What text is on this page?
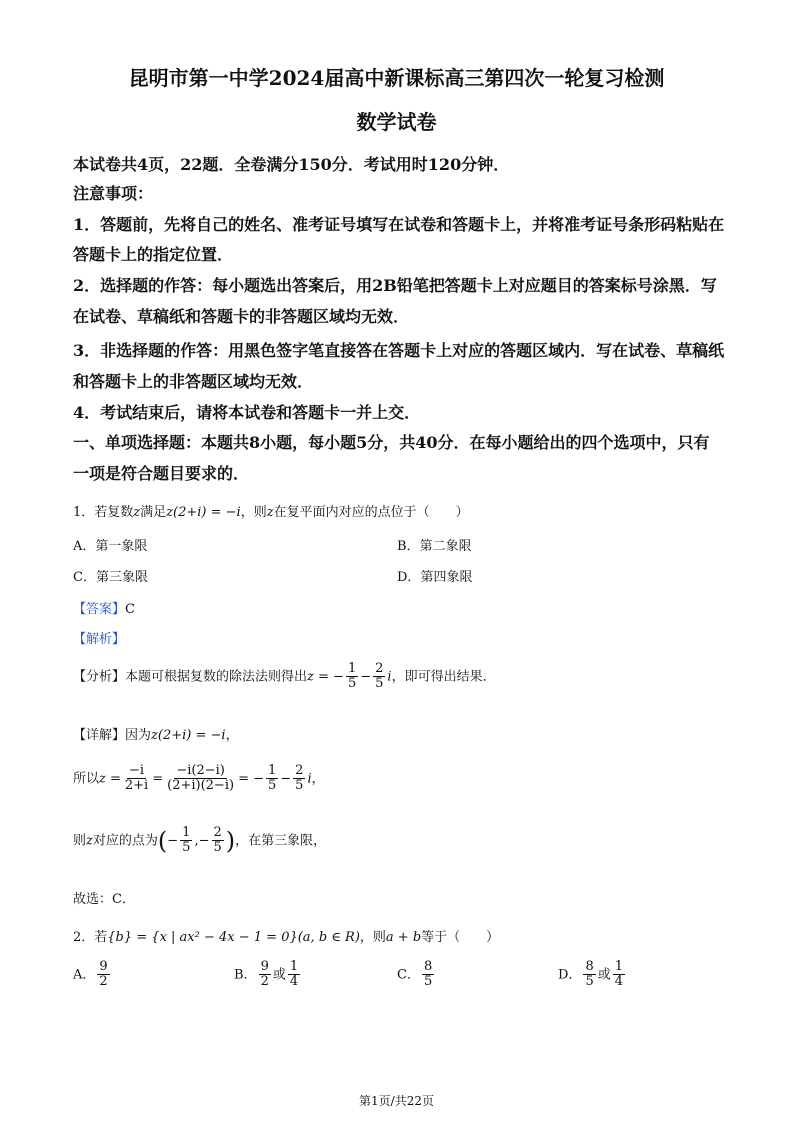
昆明市第一中学2024届高中新课标高三第四次一轮复习检测
数学试卷
本试卷共4页，22题．全卷满分150分．考试用时120分钟．
注意事项：
1．答题前，先将自己的姓名、准考证号填写在试卷和答题卡上，并将准考证号条形码粘贴在
答题卡上的指定位置．
2．选择题的作答：每小题选出答案后，用2B铅笔把答题卡上对应题目的答案标号涂黑．写
在试卷、草稿纸和答题卡的非答题区域均无效．
3．非选择题的作答：用黑色签字笔直接答在答题卡上对应的答题区域内．写在试卷、草稿纸
和答题卡上的非答题区域均无效．
4．考试结束后，请将本试卷和答题卡一并上交．
一、单项选择题：本题共8小题，每小题5分，共40分．在每小题给出的四个选项中，只有
一项是符合题目要求的．
1．若复数z满足z(2+i) = −i，则z在复平面内对应的点位于（　　）
A．第一象限	B．第二象限
C．第三象限	D．第四象限
【答案】C
【解析】
【分析】本题可根据复数的除法法则得出z = − $\frac{1}{5} - \frac{2}{5}$ i，即可得出结果．
【详解】因为z(2+i) = −i，
所以$z = \frac{-i}{2+i} = \frac{-i(2-i)}{(2+i)(2-i)}$ = − $\frac{1}{5} - \frac{2}{5}$ i，
则z对应的点为(− $\frac{1}{5}$ ,− $\frac{2}{5}$ )，在第三象限，
故选：C．
2．若{b} = {x | ax² − 4x − 1 = 0}(a, b ∈ R)，则a + b等于（　　）
A． $\frac{9}{2}$	B． $\frac{9}{2}$ 或 $\frac{1}{4}$	C． $\frac{8}{5}$	D． $\frac{8}{5}$ 或 $\frac{1}{4}$
第1页/共22页
